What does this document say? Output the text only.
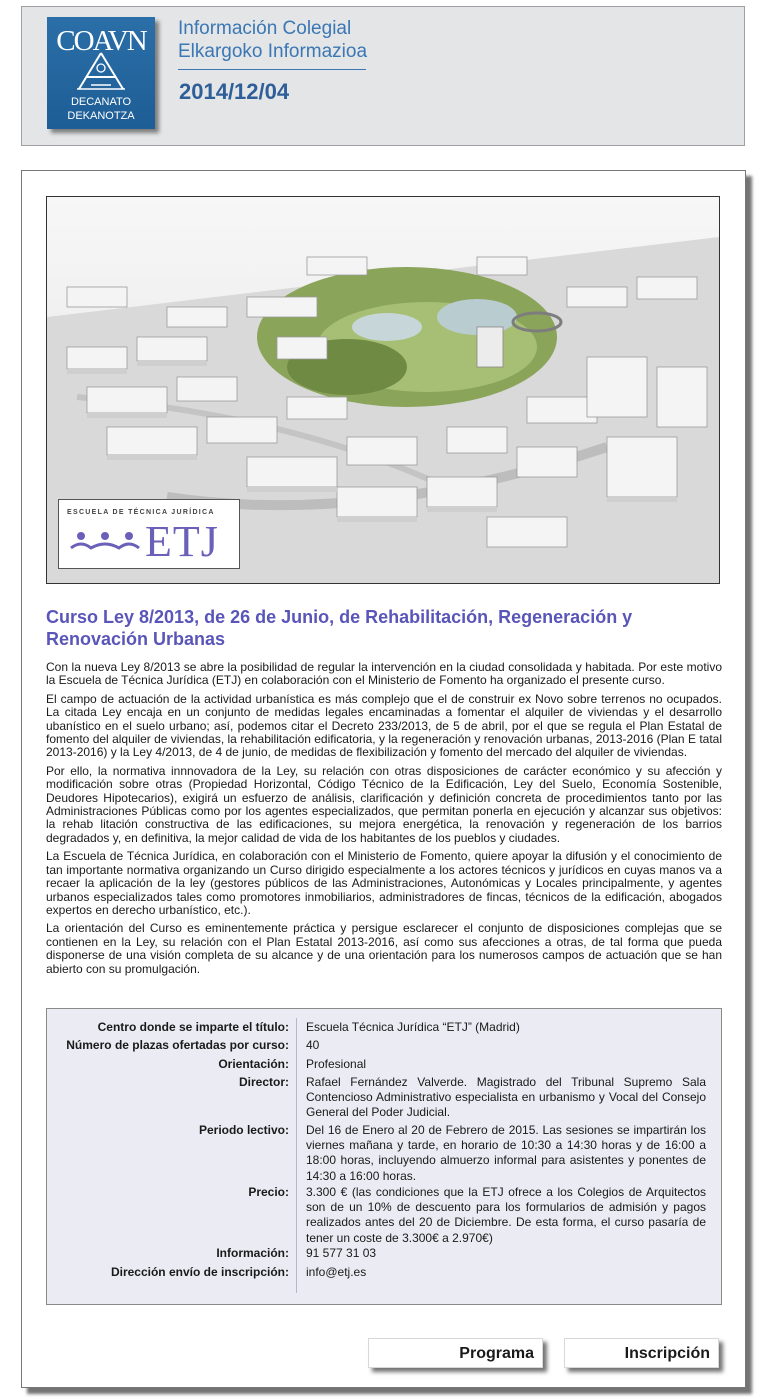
COAVN
DECANATO
DEKANOTZA
Información Colegial
Elkargoko Informazioa
2014/12/04
ESCUELA DE TÉCNICA JURÍDICA
ETJ
Curso Ley 8/2013, de 26 de Junio, de Rehabilitación, Regeneración y Renovación Urbanas

Con la nueva Ley 8/2013 se abre la posibilidad de regular la intervención en la ciudad consolidada y habitada. Por este motivo la Escuela de Técnica Jurídica (ETJ) en colaboración con el Ministerio de Fomento ha organizado el presente curso.

El campo de actuación de la actividad urbanística es más complejo que el de construir ex Novo sobre terrenos no ocupados. La citada Ley encaja en un conjunto de medidas legales encaminadas a fomentar el alquiler de viviendas y el desarrollo ubanístico en el suelo urbano; así, podemos citar el Decreto 233/2013, de 5 de abril, por el que se regula el Plan Estatal de fomento del alquiler de viviendas, la rehabilitación edificatoria, y la regeneración y renovación urbanas, 2013-2016 (Plan E tatal 2013-2016) y la Ley 4/2013, de 4 de junio, de medidas de flexibilización y fomento del mercado del alquiler de viviendas.

Por ello, la normativa innnovadora de la Ley, su relación con otras disposiciones de carácter económico y su afección y modificación sobre otras (Propiedad Horizontal, Código Técnico de la Edificación, Ley del Suelo, Economía Sostenible, Deudores Hipotecarios), exigirá un esfuerzo de análisis, clarificación y definición concreta de procedimientos tanto por las Administraciones Públicas como por los agentes especializados, que permitan ponerla en ejecución y alcanzar sus objetivos: la rehab litación constructiva de las edificaciones, su mejora energética, la renovación y regeneración de los barrios degradados y, en definitiva, la mejor calidad de vida de los habitantes de los pueblos y ciudades.

La Escuela de Técnica Jurídica, en colaboración con el Ministerio de Fomento, quiere apoyar la difusión y el conocimiento de tan importante normativa organizando un Curso dirigido especialmente a los actores técnicos y jurídicos en cuyas manos va a recaer la aplicación de la ley (gestores públicos de las Administraciones, Autonómicas y Locales principalmente, y agentes urbanos especializados tales como promotores inmobiliarios, administradores de fincas, técnicos de la edificación, abogados expertos en derecho urbanístico, etc.).

La orientación del Curso es eminentemente práctica y persigue esclarecer el conjunto de disposiciones complejas que se contienen en la Ley, su relación con el Plan Estatal 2013-2016, así como sus afecciones a otras, de tal forma que pueda disponerse de una visión completa de su alcance y de una orientación para los numerosos campos de actuación que se han abierto con su promulgación.

Centro donde se imparte el título: Escuela Técnica Jurídica “ETJ” (Madrid)
Número de plazas ofertadas por curso: 40
Orientación: Profesional
Director: Rafael Fernández Valverde. Magistrado del Tribunal Supremo Sala Contencioso Administrativo especialista en urbanismo y Vocal del Consejo General del Poder Judicial.
Periodo lectivo: Del 16 de Enero al 20 de Febrero de 2015. Las sesiones se impartirán los viernes mañana y tarde, en horario de 10:30 a 14:30 horas y de 16:00 a 18:00 horas, incluyendo almuerzo informal para asistentes y ponentes de 14:30 a 16:00 horas.
Precio: 3.300 € (las condiciones que la ETJ ofrece a los Colegios de Arquitectos son de un 10% de descuento para los formularios de admisión y pagos realizados antes del 20 de Diciembre. De esta forma, el curso pasaría de tener un coste de 3.300€ a 2.970€)
Información: 91 577 31 03
Dirección envío de inscripción: info@etj.es
Programa	Inscripción
